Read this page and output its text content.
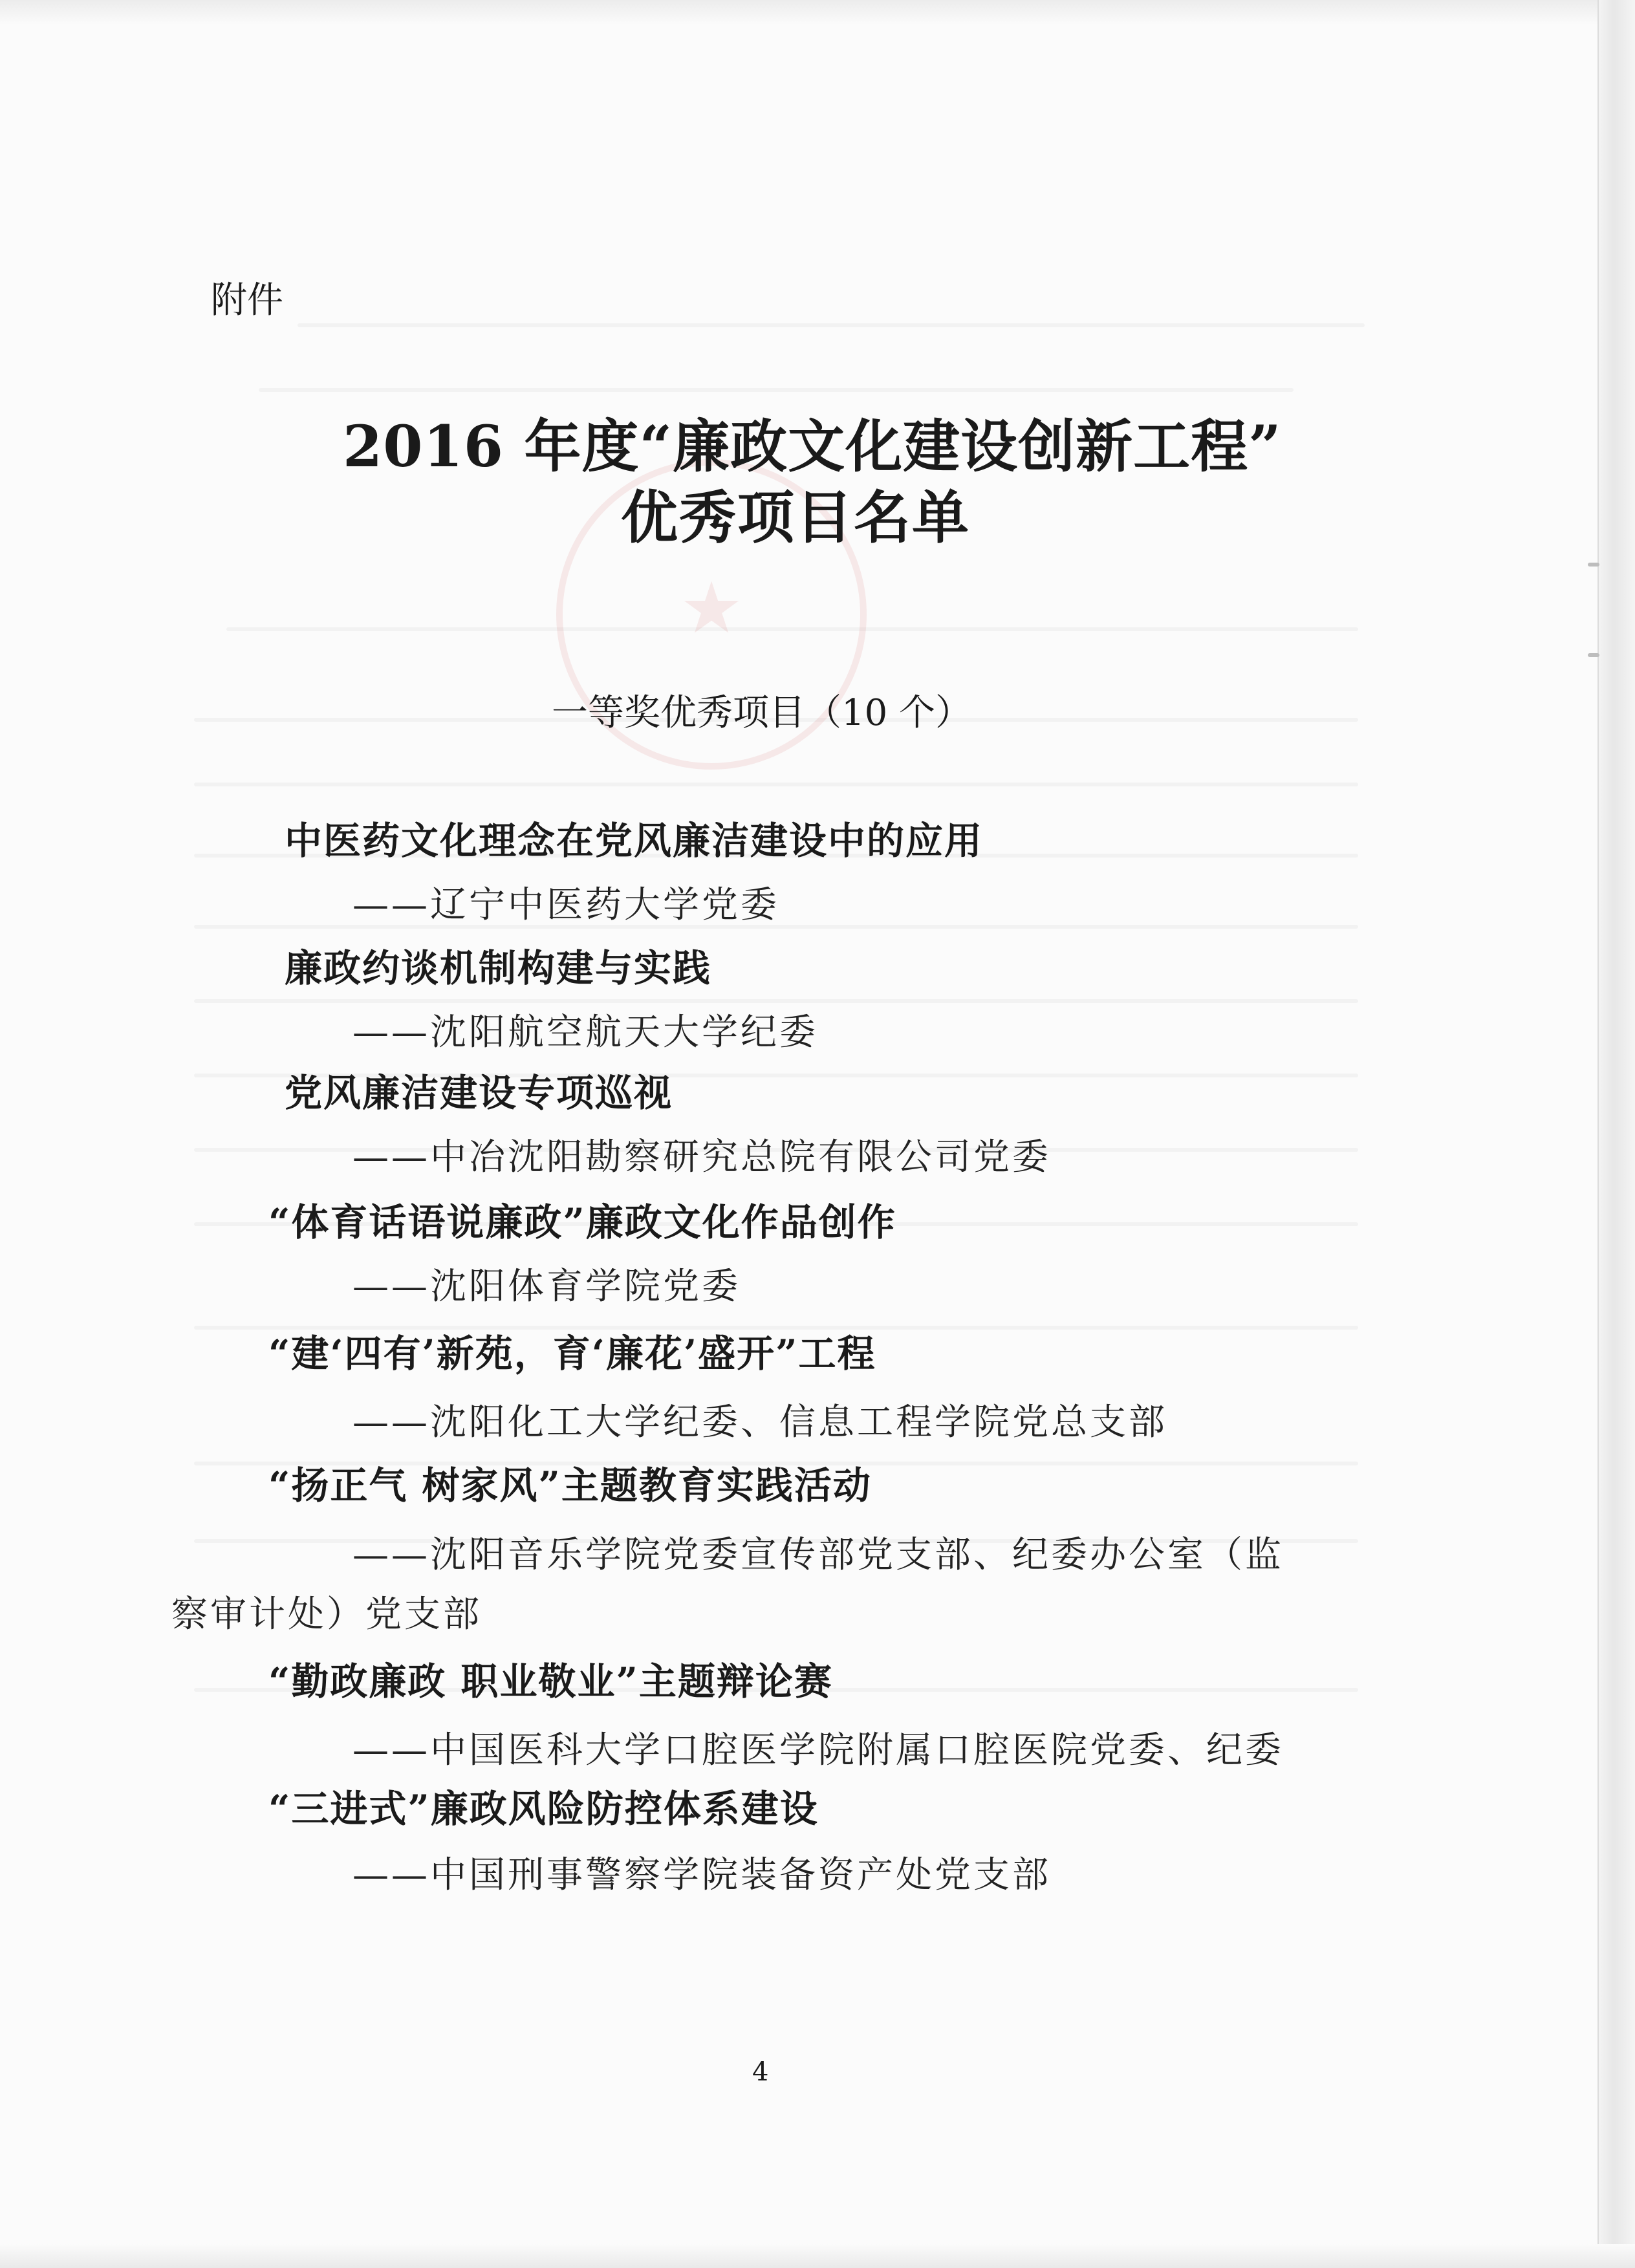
★
附件
2016 年度“廉政文化建设创新工程”
优秀项目名单
一等奖优秀项目（10 个）
中医药文化理念在党风廉洁建设中的应用
——辽宁中医药大学党委
廉政约谈机制构建与实践
——沈阳航空航天大学纪委
党风廉洁建设专项巡视
——中冶沈阳勘察研究总院有限公司党委
“体育话语说廉政”廉政文化作品创作
——沈阳体育学院党委
“建‘四有’新苑，育‘廉花’盛开”工程
——沈阳化工大学纪委、信息工程学院党总支部
“扬正气 树家风”主题教育实践活动
——沈阳音乐学院党委宣传部党支部、纪委办公室（监
察审计处）党支部
“勤政廉政 职业敬业”主题辩论赛
——中国医科大学口腔医学院附属口腔医院党委、纪委
“三进式”廉政风险防控体系建设
——中国刑事警察学院装备资产处党支部
4
